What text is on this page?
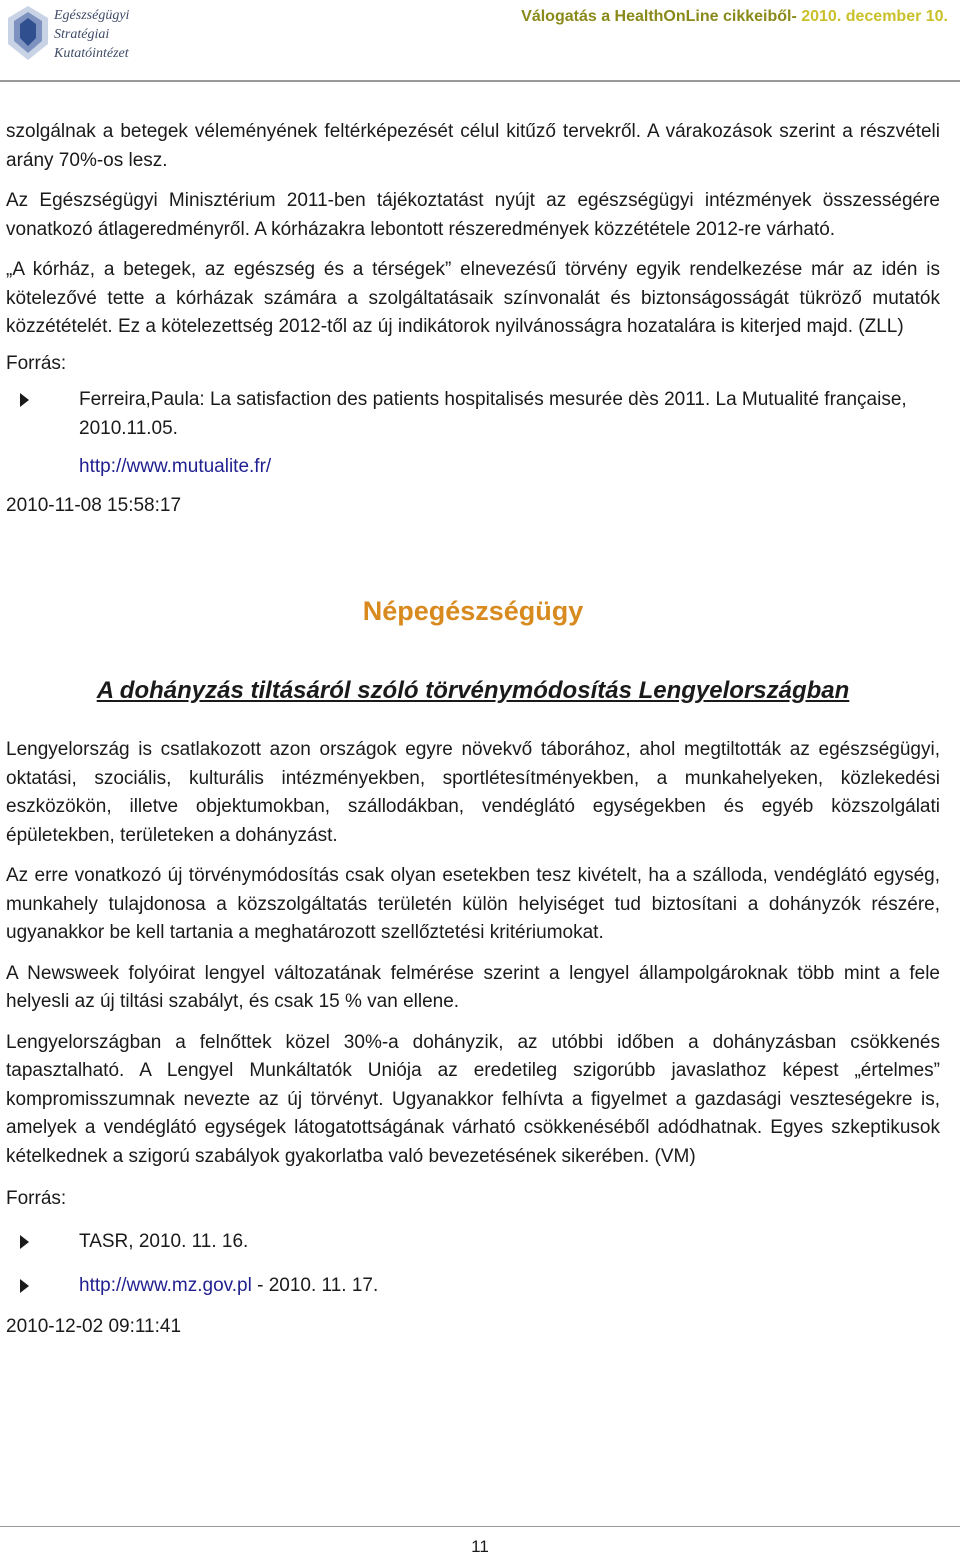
Egészségügyi
Stratégiai
Kutatóintézet
Válogatás a HealthOnLine cikkeiből- 2010. december 10.

szolgálnak a betegek véleményének feltérképezését célul kitűző tervekről. A várakozások szerint a részvételi arány 70%-os lesz.

Az Egészségügyi Minisztérium 2011-ben tájékoztatást nyújt az egészségügyi intézmények összességére vonatkozó átlageredményről. A kórházakra lebontott részeredmények közzététele 2012-re várható.

„A kórház, a betegek, az egészség és a térségek” elnevezésű törvény egyik rendelkezése már az idén is kötelezővé tette a kórházak számára a szolgáltatásaik színvonalát és biztonságosságát tükröző mutatók közzétételét. Ez a kötelezettség 2012-től az új indikátorok nyilvánosságra hozatalára is kiterjed majd. (ZLL)

Forrás:
Ferreira,Paula: La satisfaction des patients hospitalisés mesurée dès 2011. La Mutualité française, 2010.11.05.
http://www.mutualite.fr/
2010-11-08 15:58:17
Népegészségügy
A dohányzás tiltásáról szóló törvénymódosítás Lengyelországban

Lengyelország is csatlakozott azon országok egyre növekvő táborához, ahol megtiltották az egészségügyi, oktatási, szociális, kulturális intézményekben, sportlétesítményekben, a munkahelyeken, közlekedési eszközökön, illetve objektumokban, szállodákban, vendéglátó egységekben és egyéb közszolgálati épületekben, területeken a dohányzást.

Az erre vonatkozó új törvénymódosítás csak olyan esetekben tesz kivételt, ha a szálloda, vendéglátó egység, munkahely tulajdonosa a közszolgáltatás területén külön helyiséget tud biztosítani a dohányzók részére, ugyanakkor be kell tartania a meghatározott szellőztetési kritériumokat.

A Newsweek folyóirat lengyel változatának felmérése szerint a lengyel állampolgároknak több mint a fele helyesli az új tiltási szabályt, és csak 15 % van ellene.

Lengyelországban a felnőttek közel 30%-a dohányzik, az utóbbi időben a dohányzásban csökkenés tapasztalható. A Lengyel Munkáltatók Uniója az eredetileg szigorúbb javaslathoz képest „értelmes” kompromisszumnak nevezte az új törvényt. Ugyanakkor felhívta a figyelmet a gazdasági veszteségekre is, amelyek a vendéglátó egységek látogatottságának várható csökkenéséből adódhatnak. Egyes szkeptikusok kételkednek a szigorú szabályok gyakorlatba való bevezetésének sikerében. (VM)

Forrás:
TASR, 2010. 11. 16.
http://www.mz.gov.pl - 2010. 11. 17.
2010-12-02 09:11:41
11
